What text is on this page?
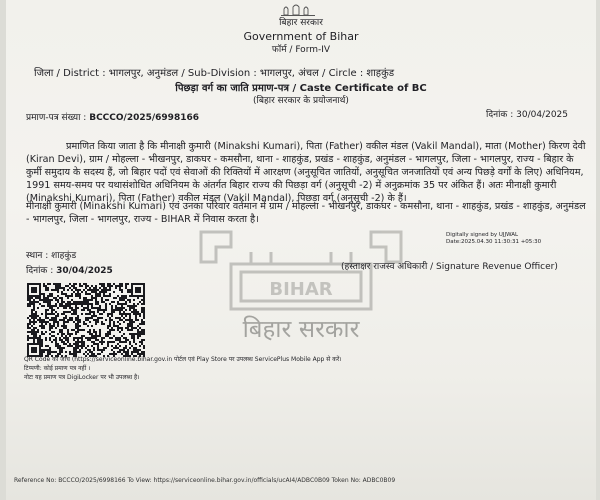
बिहार सरकार
Government of Bihar
फॉर्म / Form-IV
जिला / District : भागलपुर, अनुमंडल / Sub-Division : भागलपुर, अंचल / Circle : शाहकुंड
पिछड़ा वर्ग का जाति प्रमाण-पत्र / Caste Certificate of BC
(बिहार सरकार के प्रयोजनार्थ)
प्रमाण-पत्र संख्या : BCCCO/2025/6998166	दिनांक : 30/04/2025
प्रमाणित किया जाता है कि मीनाक्षी कुमारी (Minakshi Kumari), पिता (Father) वकील मंडल (Vakil Mandal), माता (Mother) किरण देवी (Kiran Devi), ग्राम / मोहल्ला - भीखनपुर, डाकघर - कमसौना, थाना - शाहकुंड, प्रखंड - शाहकुंड, अनुमंडल - भागलपुर, जिला - भागलपुर, राज्य - बिहार के कुर्मी समुदाय के सदस्य हैं, जो बिहार पदों एवं सेवाओं की रिक्तियों में आरक्षण (अनुसूचित जातियों, अनुसूचित जनजातियों एवं अन्य पिछड़े वर्गों के लिए) अधिनियम, 1991 समय-समय पर यथासंशोधित अधिनियम के अंतर्गत बिहार राज्य की पिछड़ा वर्ग (अनुसूची -2) में अनुक्रमांक 35 पर अंकित हैं। अतः मीनाक्षी कुमारी (Minakshi Kumari), पिता (Father) वकील मंडल (Vakil Mandal), पिछड़ा वर्ग (अनुसूची -2) के हैं।
मीनाक्षी कुमारी (Minakshi Kumari) एवं उनका परिवार वर्तमान में ग्राम / मोहल्ला - भीखनपुर, डाकघर - कमसौना, थाना - शाहकुंड, प्रखंड - शाहकुंड, अनुमंडल - भागलपुर, जिला - भागलपुर, राज्य - BIHAR में निवास करता है।
BIHAR
बिहार सरकार
Digitally signed by UJJWAL
Date:2025.04.30 11:30:31 +05:30
स्थान : शाहकुंड
(हस्ताक्षर राजस्व अधिकारी / Signature Revenue Officer)
दिनांक : 30/04/2025
QR Code को जाँच (https://serviceonline.bihar.gov.in पोर्टल एवं Play Store पर उपलब्ध ServicePlus Mobile App से करें।
टिप्पणी: कोई प्रमाण पत्र नहीं ।
नोटः यह प्रमाण पत्र DigiLocker पर भी उपलब्ध है।
Reference No: BCCCO/2025/6998166 To View: https://serviceonline.bihar.gov.in/officials/ucAI4/ADBC0B09 Token No: ADBC0B09
